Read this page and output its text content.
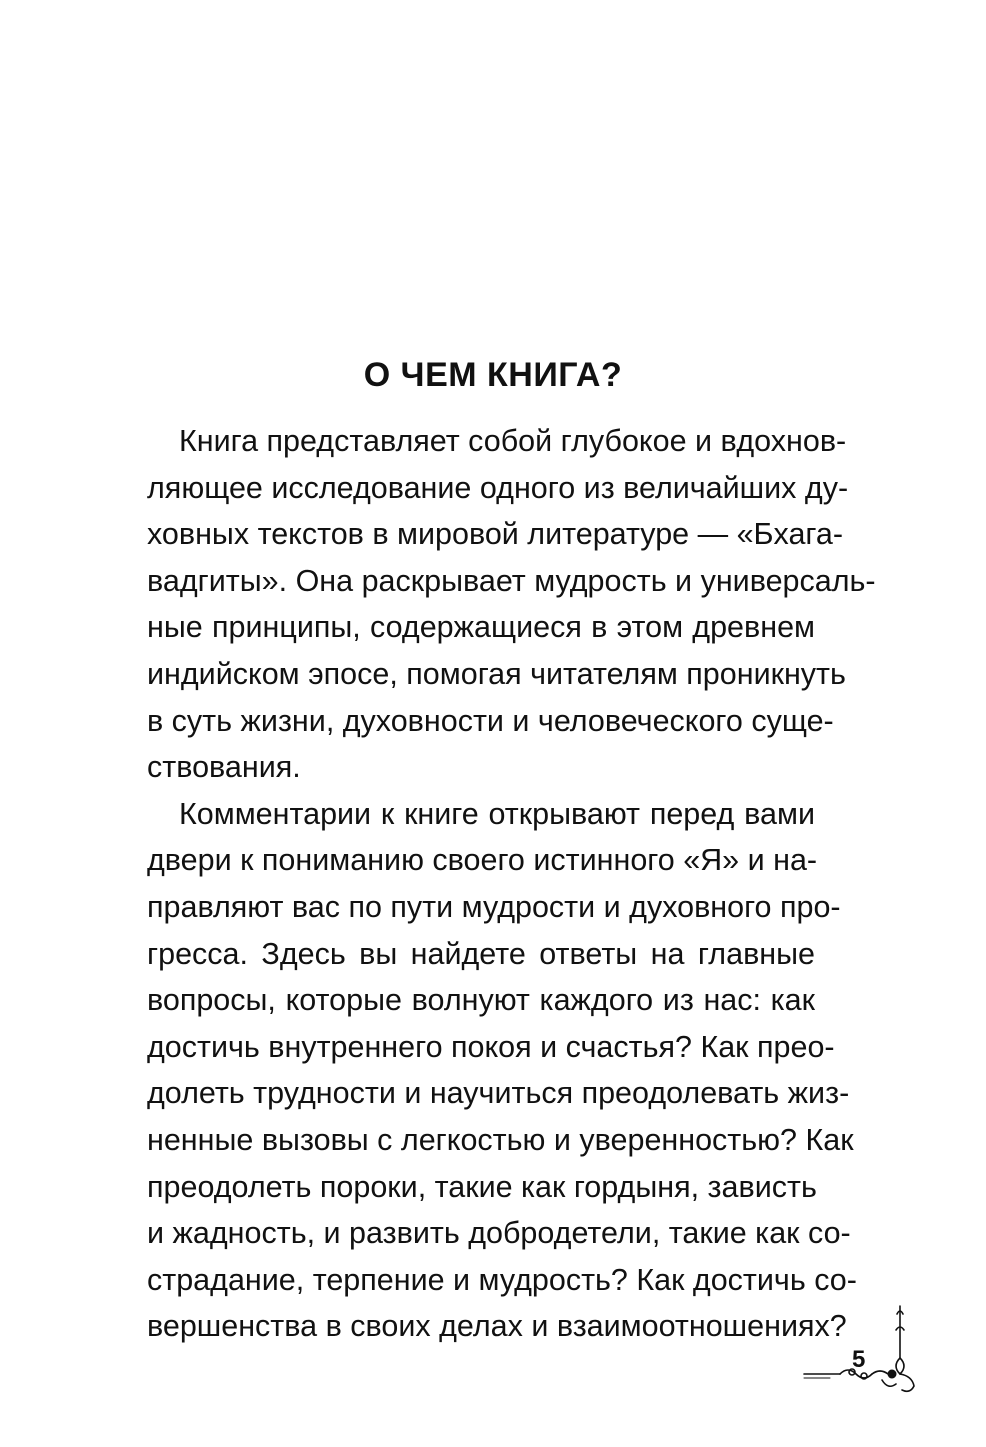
О ЧЕМ КНИГА?
Книга представляет собой глубокое и вдохнов-
ляющее исследование одного из величайших ду-
ховных текстов в мировой литературе — «Бхага-
вадгиты». Она раскрывает мудрость и универсаль-
ные принципы, содержащиеся в этом древнем
индийском эпосе, помогая читателям проникнуть
в суть жизни, духовности и человеческого суще-
ствования.
Комментарии к книге открывают перед вами
двери к пониманию своего истинного «Я» и на-
правляют вас по пути мудрости и духовного про-
гресса. Здесь вы найдете ответы на главные
вопросы, которые волнуют каждого из нас: как
достичь внутреннего покоя и счастья? Как прео-
долеть трудности и научиться преодолевать жиз-
ненные вызовы с легкостью и уверенностью? Как
преодолеть пороки, такие как гордыня, зависть
и жадность, и развить добродетели, такие как со-
страдание, терпение и мудрость? Как достичь со-
вершенства в своих делах и взаимоотношениях?
5
